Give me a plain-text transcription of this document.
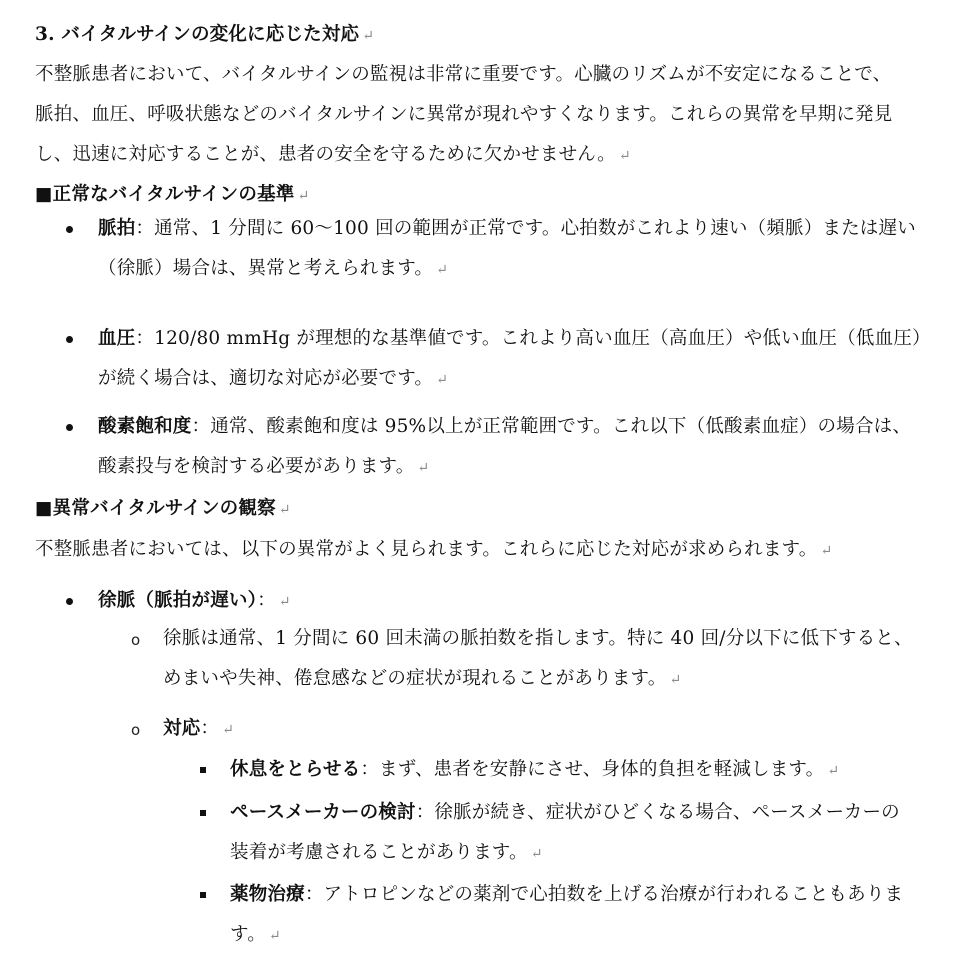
3. バイタルサインの変化に応じた対応 ↵
不整脈患者において、バイタルサインの監視は非常に重要です。心臓のリズムが不安定になることで、
脈拍、血圧、呼吸状態などのバイタルサインに異常が現れやすくなります。これらの異常を早期に発見
し、迅速に対応することが、患者の安全を守るために欠かせません。 ↵
■正常なバイタルサインの基準 ↵
脈拍：通常、1 分間に 60～100 回の範囲が正常です。心拍数がこれより速い（頻脈）または遅い
（徐脈）場合は、異常と考えられます。 ↵
血圧：120/80 mmHg が理想的な基準値です。これより高い血圧（高血圧）や低い血圧（低血圧）
が続く場合は、適切な対応が必要です。 ↵
酸素飽和度：通常、酸素飽和度は 95%以上が正常範囲です。これ以下（低酸素血症）の場合は、
酸素投与を検討する必要があります。 ↵
■異常バイタルサインの観察 ↵
不整脈患者においては、以下の異常がよく見られます。これらに応じた対応が求められます。 ↵
徐脈（脈拍が遅い）： ↵
o 徐脈は通常、1 分間に 60 回未満の脈拍数を指します。特に 40 回/分以下に低下すると、
めまいや失神、倦怠感などの症状が現れることがあります。 ↵
o 対応： ↵
休息をとらせる：まず、患者を安静にさせ、身体的負担を軽減します。 ↵
ペースメーカーの検討：徐脈が続き、症状がひどくなる場合、ペースメーカーの
装着が考慮されることがあります。 ↵
薬物治療：アトロピンなどの薬剤で心拍数を上げる治療が行われることもありま
す。 ↵
